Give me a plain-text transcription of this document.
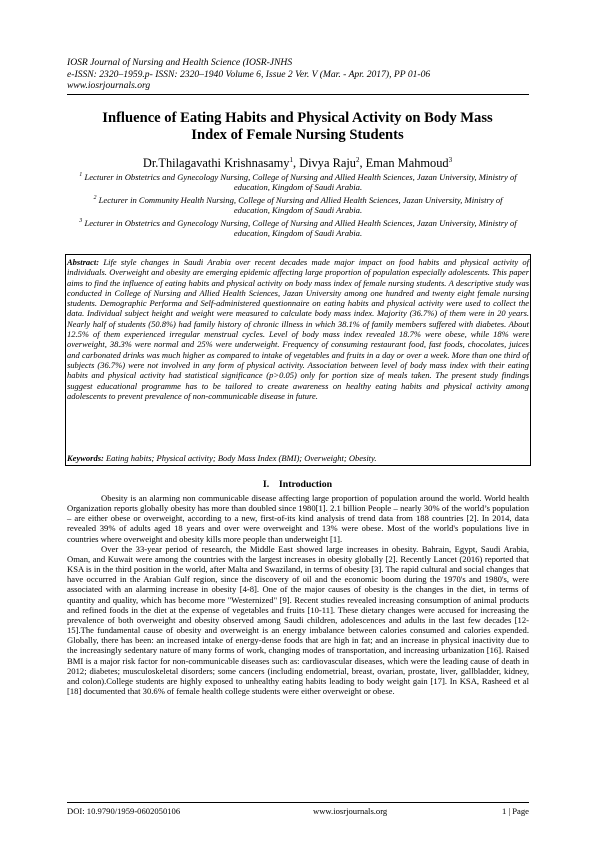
IOSR Journal of Nursing and Health Science (IOSR-JNHS
e-ISSN: 2320–1959.p- ISSN: 2320–1940 Volume 6, Issue 2 Ver. V (Mar. - Apr. 2017), PP 01-06
www.iosrjournals.org
Influence of Eating Habits and Physical Activity on Body Mass
Index of Female Nursing Students
Dr.Thilagavathi Krishnasamy$^1$, Divya Raju$^2$, Eman Mahmoud$^3$
$^1$ Lecturer in Obstetrics and Gynecology Nursing, College of Nursing and Allied Health Sciences, Jazan University, Ministry of education, Kingdom of Saudi Arabia.
$^2$ Lecturer in Community Health Nursing, College of Nursing and Allied Health Sciences, Jazan University, Ministry of education, Kingdom of Saudi Arabia.
$^3$ Lecturer in Obstetrics and Gynecology Nursing, College of Nursing and Allied Health Sciences, Jazan University, Ministry of education, Kingdom of Saudi Arabia.
Abstract: Life style changes in Saudi Arabia over recent decades made major impact on food habits and physical activity of individuals. Overweight and obesity are emerging epidemic affecting large proportion of population especially adolescents. This paper aims to find the influence of eating habits and physical activity on body mass index of female nursing students. A descriptive study was conducted in College of Nursing and Allied Health Sciences, Jazan University among one hundred and twenty eight female nursing students. Demographic Performa and Self-administered questionnaire on eating habits and physical activity were used to collect the data. Individual subject height and weight were measured to calculate body mass index. Majority (36.7%) of them were in 20 years. Nearly half of students (50.8%) had family history of chronic illness in which 38.1% of family members suffered with diabetes. About 12.5% of them experienced irregular menstrual cycles. Level of body mass index revealed 18.7% were obese, while 18% were overweight, 38.3% were normal and 25% were underweight. Frequency of consuming restaurant food, fast foods, chocolates, juices and carbonated drinks was much higher as compared to intake of vegetables and fruits in a day or over a week. More than one third of subjects (36.7%) were not involved in any form of physical activity. Association between level of body mass index with their eating habits and physical activity had statistical significance (p>0.05) only for portion size of meals taken. The present study findings suggest educational programme has to be tailored to create awareness on healthy eating habits and physical activity among adolescents to prevent prevalence of non-communicable disease in future.
Keywords: Eating habits; Physical activity; Body Mass Index (BMI); Overweight; Obesity.
I.    Introduction

Obesity is an alarming non communicable disease affecting large proportion of population around the world. World health Organization reports globally obesity has more than doubled since 1980[1]. 2.1 billion People – nearly 30% of the world’s population – are either obese or overweight, according to a new, first-of-its kind analysis of trend data from 188 countries [2]. In 2014, data revealed 39% of adults aged 18 years and over were overweight and 13% were obese. Most of the world's populations live in countries where overweight and obesity kills more people than underweight [1].

Over the 33-year period of research, the Middle East showed large increases in obesity. Bahrain, Egypt, Saudi Arabia, Oman, and Kuwait were among the countries with the largest increases in obesity globally [2]. Recently Lancet (2016) reported that KSA is in the third position in the world, after Malta and Swaziland, in terms of obesity [3]. The rapid cultural and social changes that have occurred in the Arabian Gulf region, since the discovery of oil and the economic boom during the 1970's and 1980's, were associated with an alarming increase in obesity [4-8]. One of the major causes of obesity is the changes in the diet, in terms of quantity and quality, which has become more "Westernized" [9]. Recent studies revealed increasing consumption of animal products and refined foods in the diet at the expense of vegetables and fruits [10-11]. These dietary changes were accused for increasing the prevalence of both overweight and obesity observed among Saudi children, adolescences and adults in the last few decades [12-15].The fundamental cause of obesity and overweight is an energy imbalance between calories consumed and calories expended. Globally, there has been: an increased intake of energy-dense foods that are high in fat; and an increase in physical inactivity due to the increasingly sedentary nature of many forms of work, changing modes of transportation, and increasing urbanization [16]. Raised BMI is a major risk factor for non-communicable diseases such as: cardiovascular diseases, which were the leading cause of death in 2012; diabetes; musculoskeletal disorders; some cancers (including endometrial, breast, ovarian, prostate, liver, gallbladder, kidney, and colon).College students are highly exposed to unhealthy eating habits leading to body weight gain [17]. In KSA, Rasheed et al [18] documented that 30.6% of female health college students were either overweight or obese.

DOI: 10.9790/1959-0602050106	www.iosrjournals.org	1 | Page
